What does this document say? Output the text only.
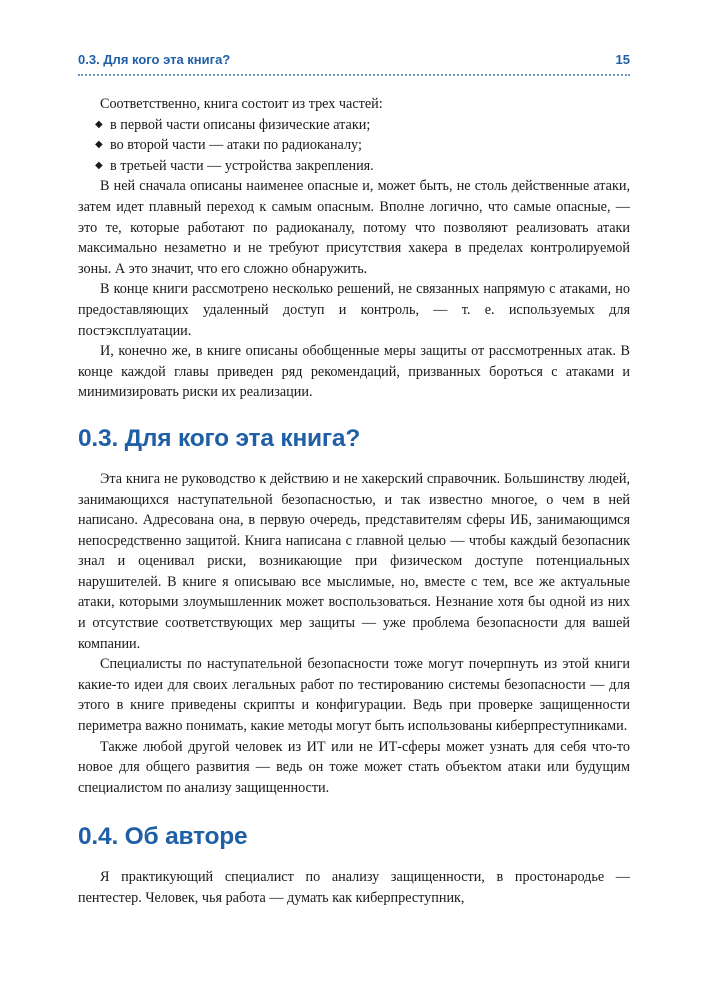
0.3. Для кого эта книга?	15

Соответственно, книга состоит из трех частей:

◆ в первой части описаны физические атаки;
◆ во второй части — атаки по радиоканалу;
◆ в третьей части — устройства закрепления.

В ней сначала описаны наименее опасные и, может быть, не столь действенные атаки, затем идет плавный переход к самым опасным. Вполне логично, что самые опасные, — это те, которые работают по радиоканалу, потому что позволяют реализовать атаки максимально незаметно и не требуют присутствия хакера в пределах контролируемой зоны. А это значит, что его сложно обнаружить.

В конце книги рассмотрено несколько решений, не связанных напрямую с атаками, но предоставляющих удаленный доступ и контроль, — т. е. используемых для постэксплуатации.

И, конечно же, в книге описаны обобщенные меры защиты от рассмотренных атак. В конце каждой главы приведен ряд рекомендаций, призванных бороться с атаками и минимизировать риски их реализации.

0.3. Для кого эта книга?

Эта книга не руководство к действию и не хакерский справочник. Большинству людей, занимающихся наступательной безопасностью, и так известно многое, о чем в ней написано. Адресована она, в первую очередь, представителям сферы ИБ, занимающимся непосредственно защитой. Книга написана с главной целью — чтобы каждый безопасник знал и оценивал риски, возникающие при физическом доступе потенциальных нарушителей. В книге я описываю все мыслимые, но, вместе с тем, все же актуальные атаки, которыми злоумышленник может воспользоваться. Незнание хотя бы одной из них и отсутствие соответствующих мер защиты — уже проблема безопасности для вашей компании.

Специалисты по наступательной безопасности тоже могут почерпнуть из этой книги какие-то идеи для своих легальных работ по тестированию системы безопасности — для этого в книге приведены скрипты и конфигурации. Ведь при проверке защищенности периметра важно понимать, какие методы могут быть использованы киберпреступниками.

Также любой другой человек из ИТ или не ИТ-сферы может узнать для себя что-то новое для общего развития — ведь он тоже может стать объектом атаки или будущим специалистом по анализу защищенности.

0.4. Об авторе

Я практикующий специалист по анализу защищенности, в простонародье — пентестер. Человек, чья работа — думать как киберпреступник,
